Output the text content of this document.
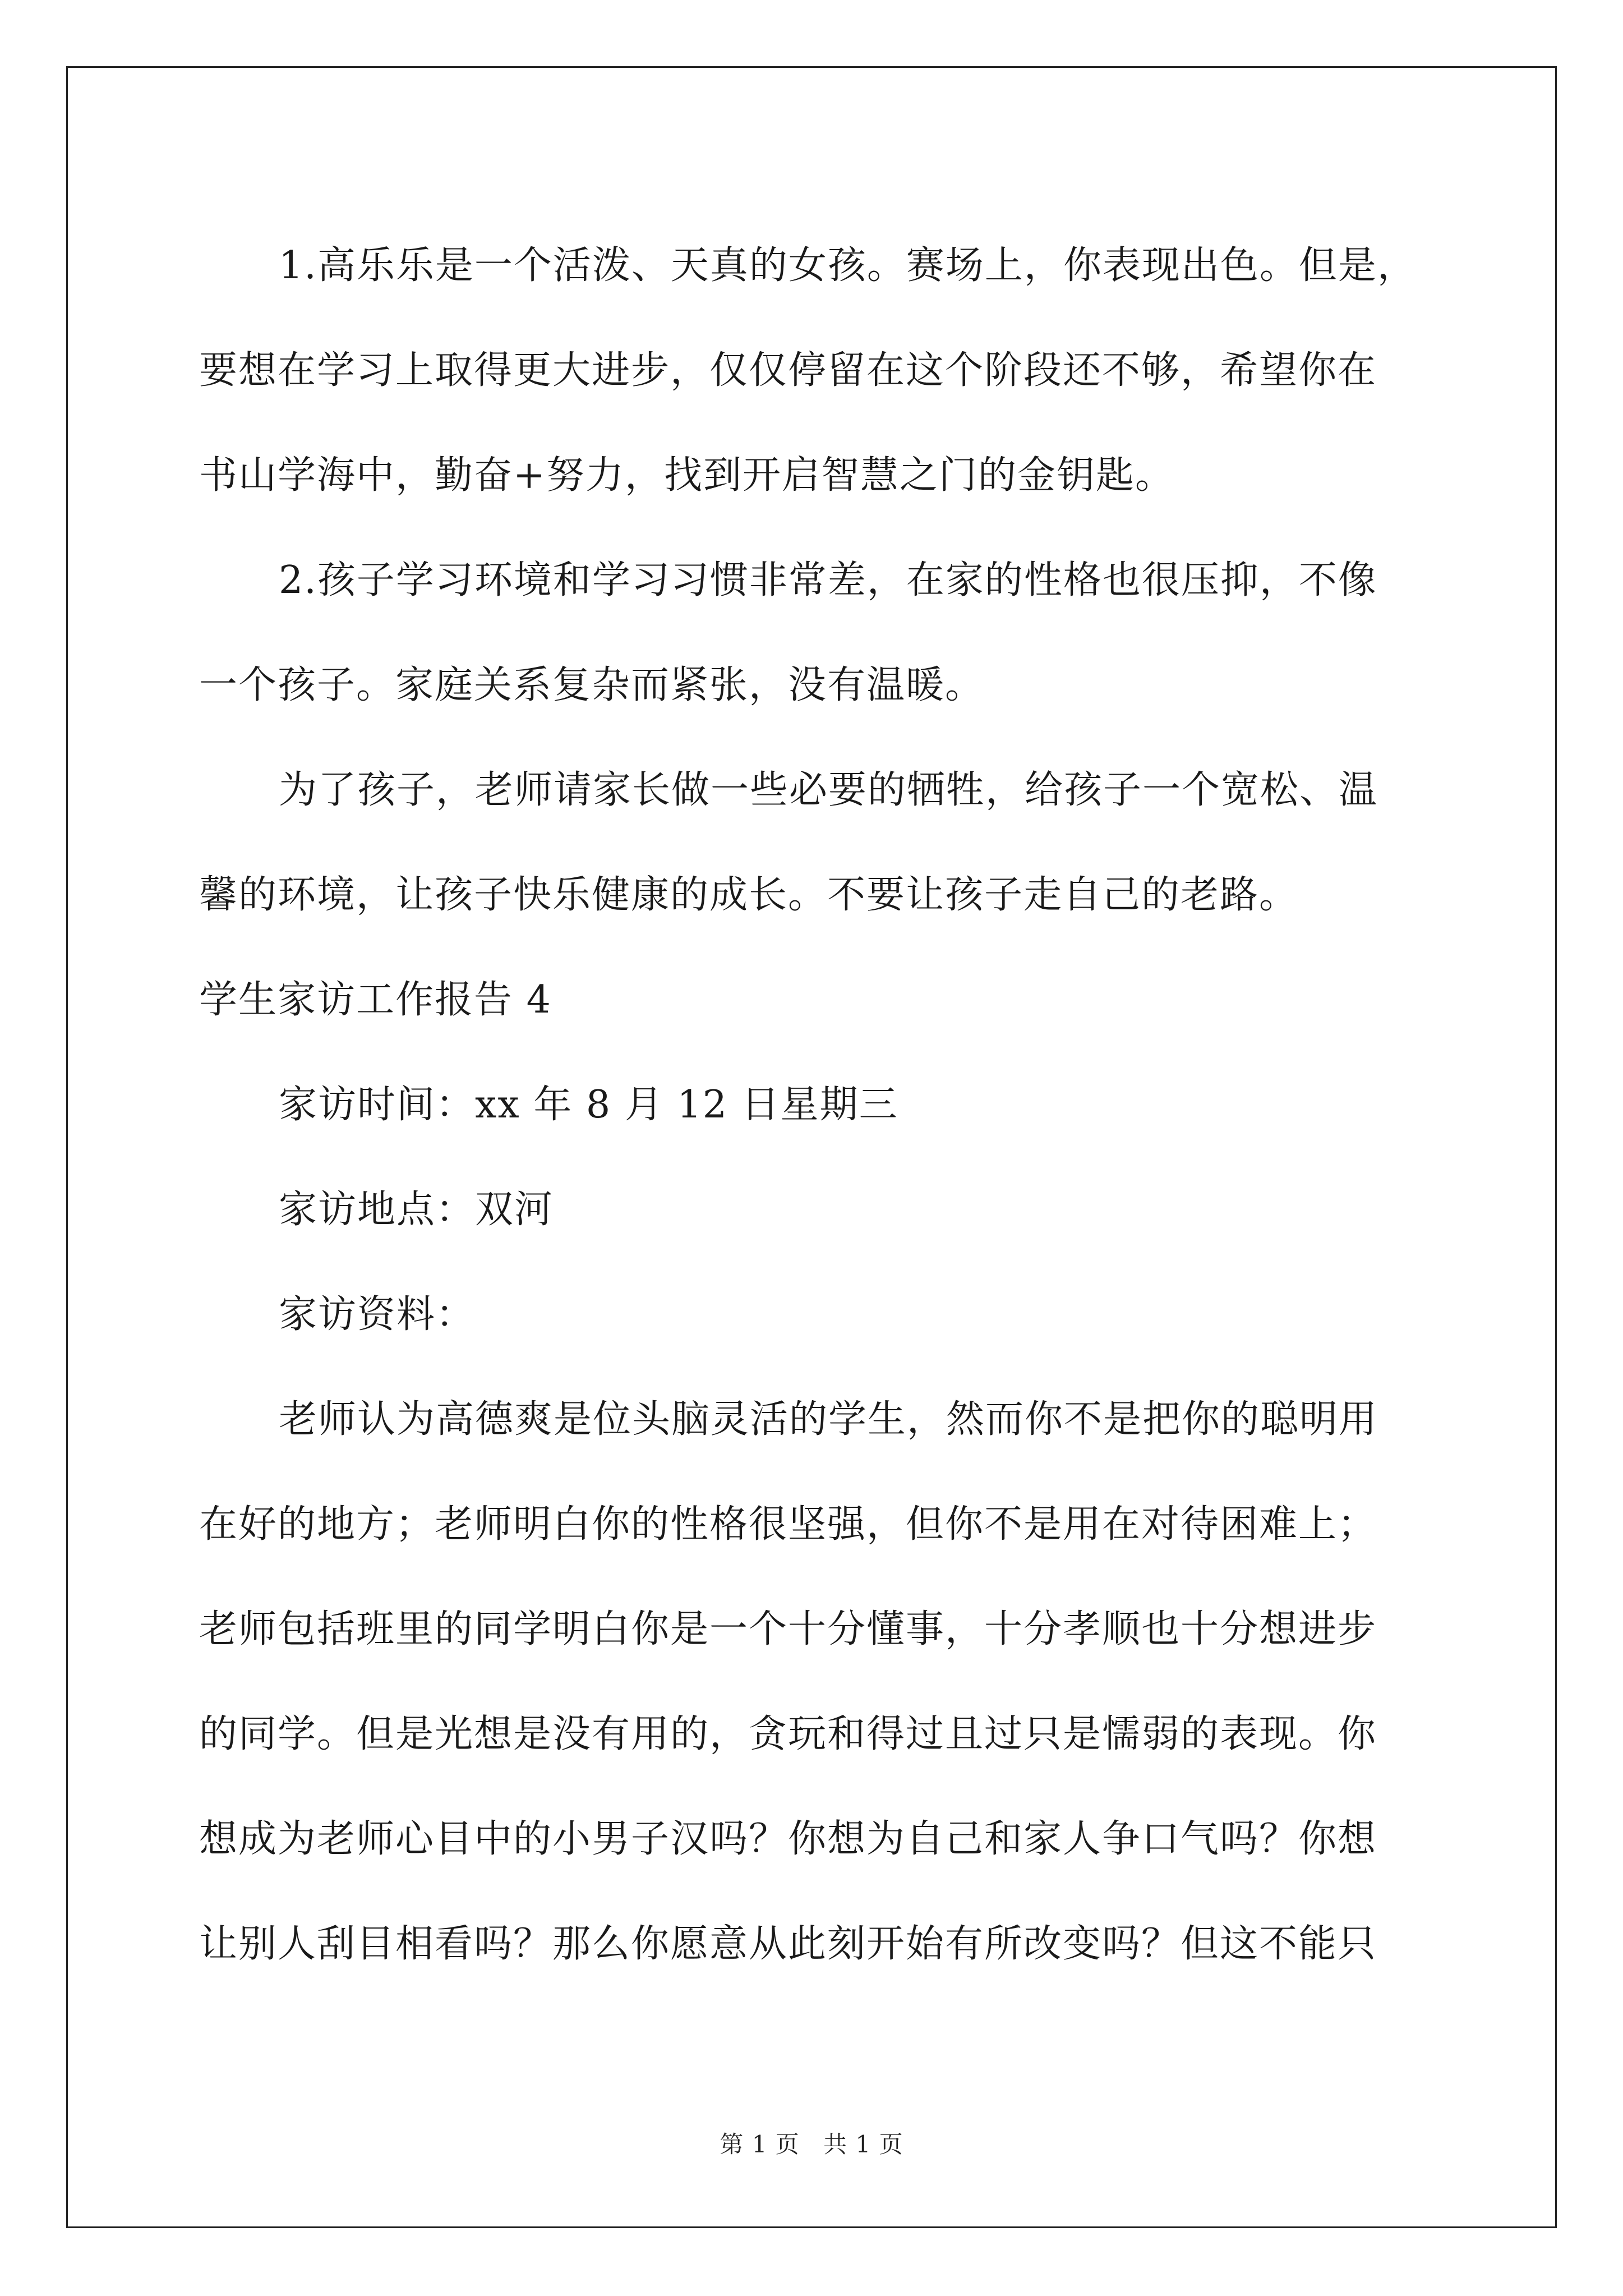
1.高乐乐是一个活泼、天真的女孩。赛场上，你表现出色。但是，

要想在学习上取得更大进步，仅仅停留在这个阶段还不够，希望你在

书山学海中，勤奋+努力，找到开启智慧之门的金钥匙。

2.孩子学习环境和学习习惯非常差，在家的性格也很压抑，不像

一个孩子。家庭关系复杂而紧张，没有温暖。

为了孩子，老师请家长做一些必要的牺牲，给孩子一个宽松、温

馨的环境，让孩子快乐健康的成长。不要让孩子走自己的老路。

学生家访工作报告 4

家访时间：xx 年 8 月 12 日星期三

家访地点：双河

家访资料：

老师认为高德爽是位头脑灵活的学生，然而你不是把你的聪明用

在好的地方；老师明白你的性格很坚强，但你不是用在对待困难上；

老师包括班里的同学明白你是一个十分懂事，十分孝顺也十分想进步

的同学。但是光想是没有用的，贪玩和得过且过只是懦弱的表现。你

想成为老师心目中的小男子汉吗？你想为自己和家人争口气吗？你想

让别人刮目相看吗？那么你愿意从此刻开始有所改变吗？但这不能只

第 1 页 共 1 页
